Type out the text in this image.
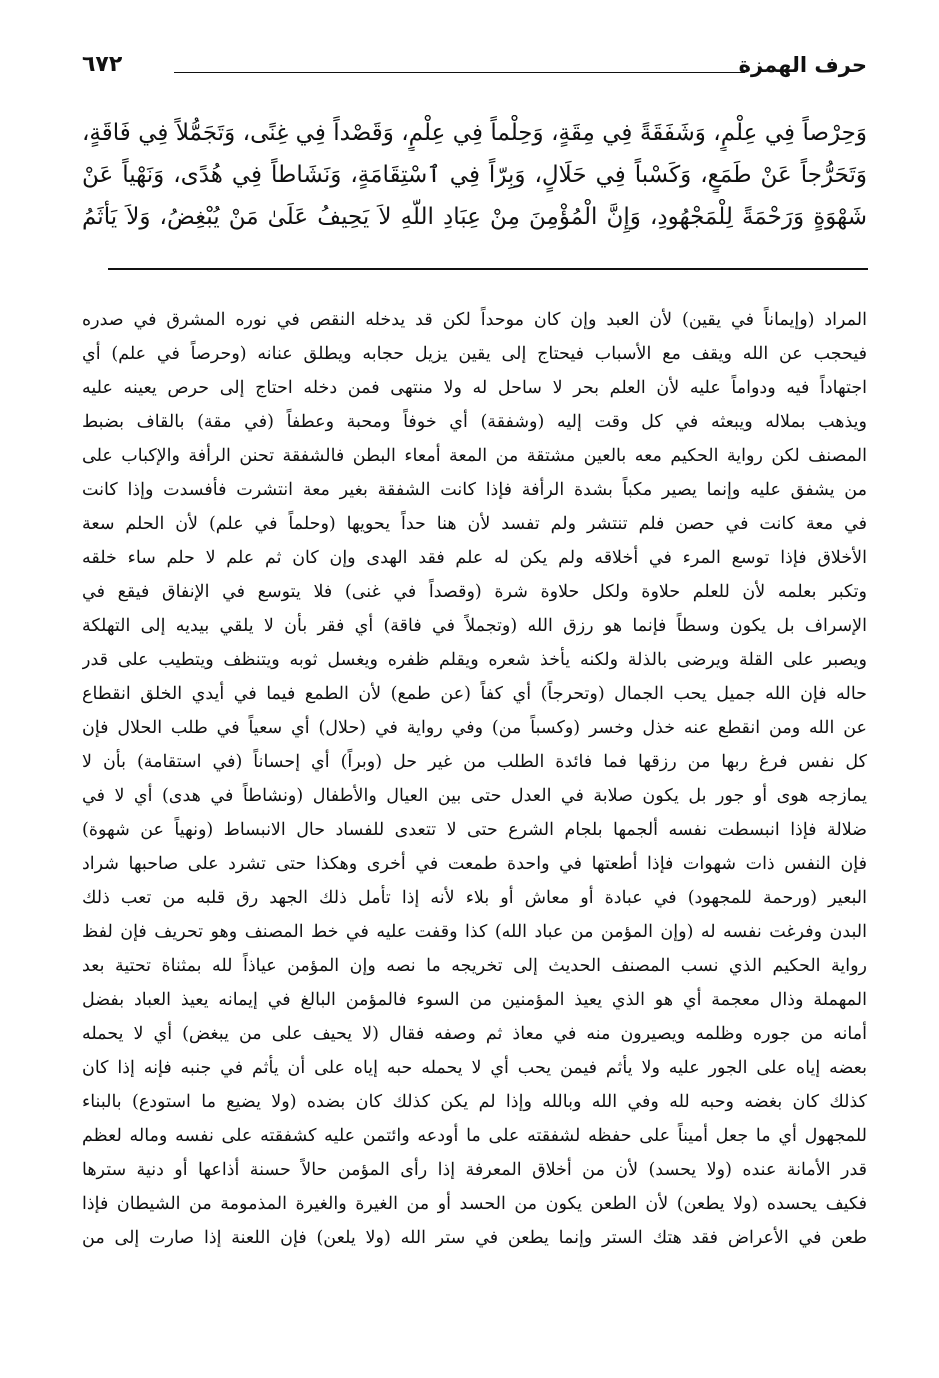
حرف الهمزة
٦٧٢
وَحِرْصاً فِي عِلْمٍ، وَشَفَقَةً فِي مِقَةٍ، وَحِلْماً فِي عِلْمٍ، وَقَصْداً فِي غِنًى، وَتَجَمُّلاً فِي فَاقَةٍ،
وَتَحَرُّجاً عَنْ طَمَعٍ، وَكَسْباً فِي حَلَالٍ، وَبِرّاً فِي ٱسْتِقَامَةٍ، وَنَشَاطاً فِي هُدًى، وَنَهْياً عَنْ
شَهْوَةٍ وَرَحْمَةً لِلْمَجْهُودِ، وَإِنَّ الْمُؤْمِنَ مِنْ عِبَادِ اللَّهِ لاَ يَحِيفُ عَلَىٰ مَنْ يُبْغِضُ، وَلاَ يَأْثَمُ
المراد (وإيماناً في يقين) لأن العبد وإن كان موحداً لكن قد يدخله النقص في نوره المشرق في صدره
فيحجب عن الله ويقف مع الأسباب فيحتاج إلى يقين يزيل حجابه ويطلق عنانه (وحرصاً في علم) أي
اجتهاداً فيه ودواماً عليه لأن العلم بحر لا ساحل له ولا منتهى فمن دخله احتاج إلى حرص يعينه عليه
ويذهب بملاله ويبعثه في كل وقت إليه (وشفقة) أي خوفاً ومحبة وعطفاً (في مقة) بالقاف بضبط
المصنف لكن رواية الحكيم معه بالعين مشتقة من المعة أمعاء البطن فالشفقة تحنن الرأفة والإكباب على
من يشفق عليه وإنما يصير مكباً بشدة الرأفة فإذا كانت الشفقة بغير معة انتشرت فأفسدت وإذا كانت
في معة كانت في حصن فلم تنتشر ولم تفسد لأن هنا حداً يحويها (وحلماً في علم) لأن الحلم سعة
الأخلاق فإذا توسع المرء في أخلاقه ولم يكن له علم فقد الهدى وإن كان ثم علم لا حلم ساء خلقه
وتكبر بعلمه لأن للعلم حلاوة ولكل حلاوة شرة (وقصداً في غنى) فلا يتوسع في الإنفاق فيقع في
الإسراف بل يكون وسطاً فإنما هو رزق الله (وتجملاً في فاقة) أي فقر بأن لا يلقي بيديه إلى التهلكة
ويصبر على القلة ويرضى بالذلة ولكنه يأخذ شعره ويقلم ظفره ويغسل ثوبه ويتنظف ويتطيب على قدر
حاله فإن الله جميل يحب الجمال (وتحرجاً) أي كفاً (عن طمع) لأن الطمع فيما في أيدي الخلق انقطاع
عن الله ومن انقطع عنه خذل وخسر (وكسباً من) وفي رواية في (حلال) أي سعياً في طلب الحلال فإن
كل نفس فرغ ربها من رزقها فما فائدة الطلب من غير حل (وبراً) أي إحساناً (في استقامة) بأن لا
يمازجه هوى أو جور بل يكون صلابة في العدل حتى بين العيال والأطفال (ونشاطاً في هدى) أي لا في
ضلالة فإذا انبسطت نفسه ألجمها بلجام الشرع حتى لا تتعدى للفساد حال الانبساط (ونهياً عن شهوة)
فإن النفس ذات شهوات فإذا أطعتها في واحدة طمعت في أخرى وهكذا حتى تشرد على صاحبها شراد
البعير (ورحمة للمجهود) في عبادة أو معاش أو بلاء لأنه إذا تأمل ذلك الجهد رق قلبه من تعب ذلك
البدن وفرغت نفسه له (وإن المؤمن من عباد الله) كذا وقفت عليه في خط المصنف وهو تحريف فإن لفظ
رواية الحكيم الذي نسب المصنف الحديث إلى تخريجه ما نصه وإن المؤمن عياذاً لله بمثناة تحتية بعد
المهملة وذال معجمة أي هو الذي يعيذ المؤمنين من السوء فالمؤمن البالغ في إيمانه يعيذ العباد بفضل
أمانه من جوره وظلمه ويصيرون منه في معاذ ثم وصفه فقال (لا يحيف على من يبغض) أي لا يحمله
بعضه إياه على الجور عليه ولا يأثم فيمن يحب أي لا يحمله حبه إياه على أن يأثم في جنبه فإنه إذا كان
كذلك كان بغضه وحبه لله وفي الله وبالله وإذا لم يكن كذلك كان بضده (ولا يضيع ما استودع) بالبناء
للمجهول أي ما جعل أميناً على حفظه لشفقته على ما أودعه وائتمن عليه كشفقته على نفسه وماله لعظم
قدر الأمانة عنده (ولا يحسد) لأن من أخلاق المعرفة إذا رأى المؤمن حالاً حسنة أذاعها أو دنية سترها
فكيف يحسده (ولا يطعن) لأن الطعن يكون من الحسد أو من الغيرة والغيرة المذمومة من الشيطان فإذا
طعن في الأعراض فقد هتك الستر وإنما يطعن في ستر الله (ولا يلعن) فإن اللعنة إذا صارت إلى من
